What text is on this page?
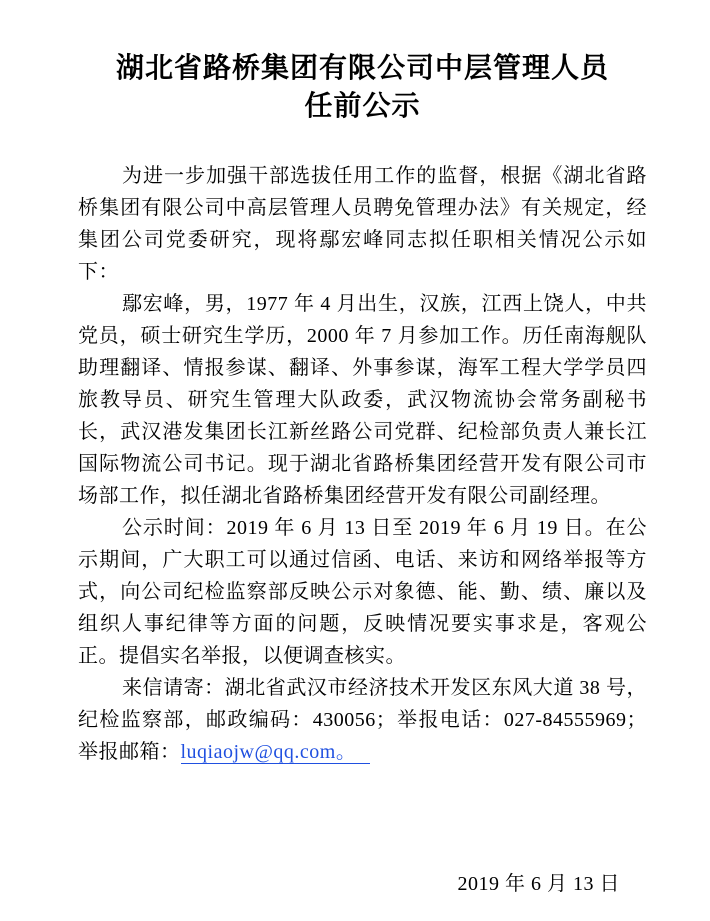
湖北省路桥集团有限公司中层管理人员
任前公示

为进一步加强干部选拔任用工作的监督，根据《湖北省路桥集团有限公司中高层管理人员聘免管理办法》有关规定，经集团公司党委研究，现将鄢宏峰同志拟任职相关情况公示如下：

鄢宏峰，男，1977 年 4 月出生，汉族，江西上饶人，中共党员，硕士研究生学历，2000 年 7 月参加工作。历任南海舰队助理翻译、情报参谋、翻译、外事参谋，海军工程大学学员四旅教导员、研究生管理大队政委，武汉物流协会常务副秘书长，武汉港发集团长江新丝路公司党群、纪检部负责人兼长江国际物流公司书记。现于湖北省路桥集团经营开发有限公司市场部工作，拟任湖北省路桥集团经营开发有限公司副经理。

公示时间：2019 年 6 月 13 日至 2019 年 6 月 19 日。在公示期间，广大职工可以通过信函、电话、来访和网络举报等方式，向公司纪检监察部反映公示对象德、能、勤、绩、廉以及组织人事纪律等方面的问题，反映情况要实事求是，客观公正。提倡实名举报，以便调查核实。

来信请寄：湖北省武汉市经济技术开发区东风大道 38 号，纪检监察部，邮政编码：430056；举报电话：027-84555969；举报邮箱：luqiaojw@qq.com。

2019 年 6 月 13 日
